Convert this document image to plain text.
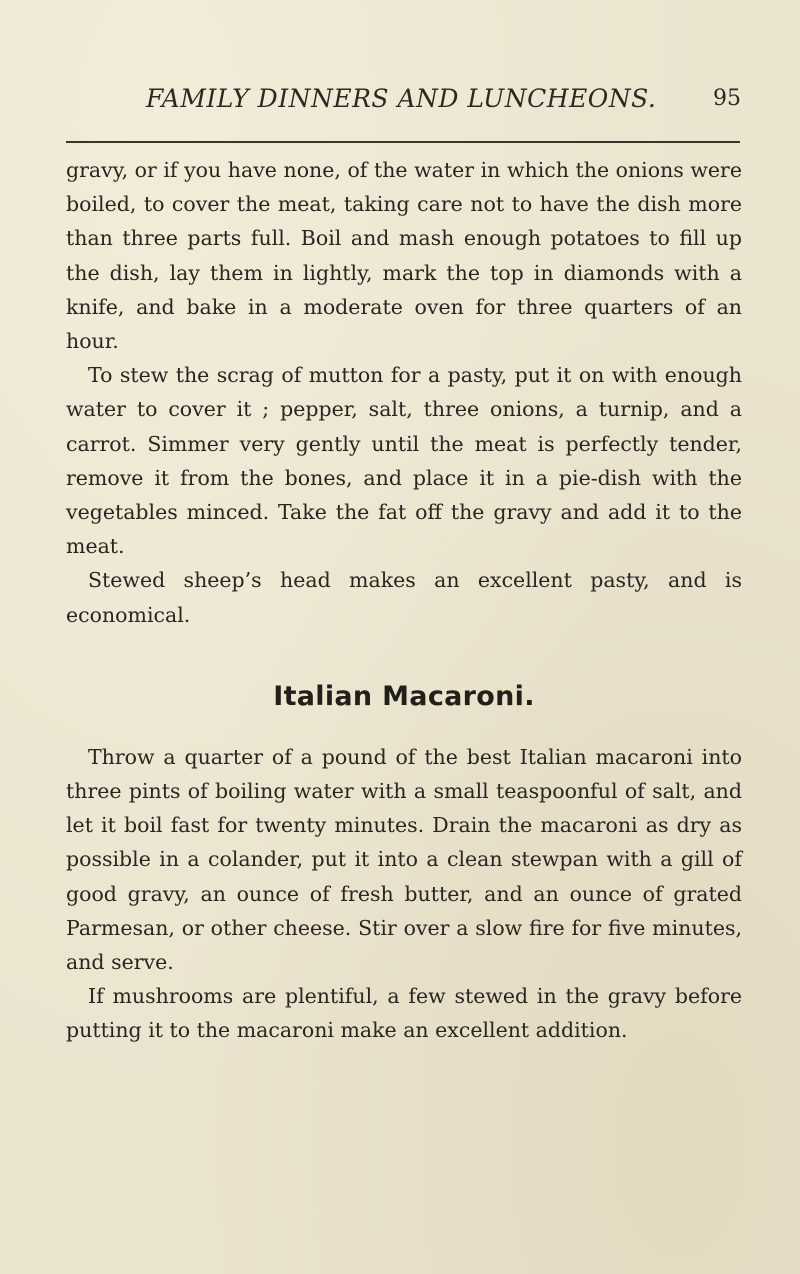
FAMILY DINNERS AND LUNCHEONS.	95

gravy, or if you have none, of the water in which the onions were boiled, to cover the meat, taking care not to have the dish more than three parts full. Boil and mash enough potatoes to fill up the dish, lay them in lightly, mark the top in diamonds with a knife, and bake in a moderate oven for three quarters of an hour.

To stew the scrag of mutton for a pasty, put it on with enough water to cover it ; pepper, salt, three onions, a turnip, and a carrot. Simmer very gently until the meat is perfectly tender, remove it from the bones, and place it in a pie-dish with the vegetables minced. Take the fat off the gravy and add it to the meat.

Stewed sheep’s head makes an excellent pasty, and is economical.

Italian Macaroni.

Throw a quarter of a pound of the best Italian macaroni into three pints of boiling water with a small teaspoonful of salt, and let it boil fast for twenty minutes. Drain the macaroni as dry as possible in a colander, put it into a clean stewpan with a gill of good gravy, an ounce of fresh butter, and an ounce of grated Parmesan, or other cheese. Stir over a slow fire for five minutes, and serve.

If mushrooms are plentiful, a few stewed in the gravy before putting it to the macaroni make an excellent addition.
